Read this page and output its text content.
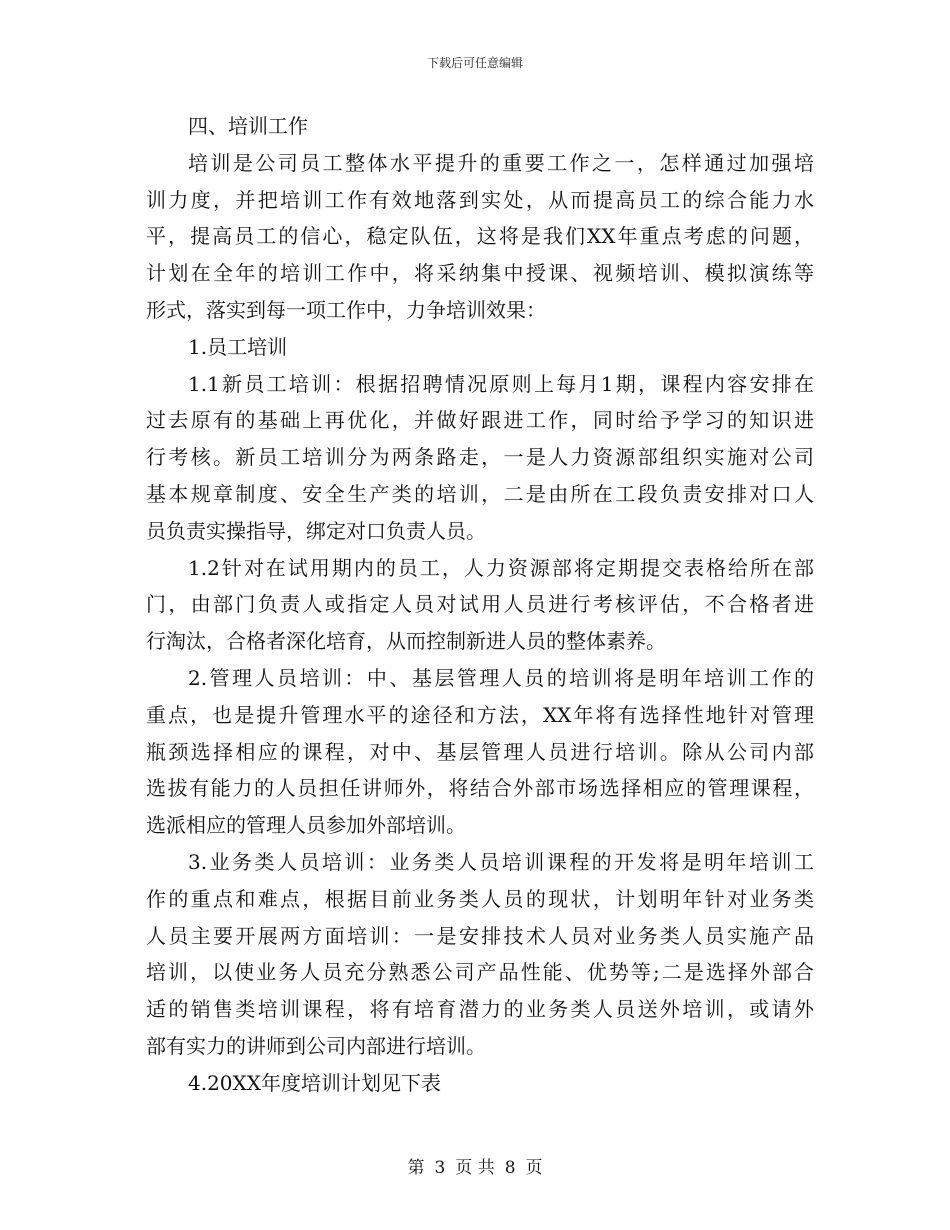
下载后可任意编辑
四、培训工作
培训是公司员工整体水平提升的重要工作之一，怎样通过加强培
训力度，并把培训工作有效地落到实处，从而提高员工的综合能力水
平，提高员工的信心，稳定队伍，这将是我们XX年重点考虑的问题，
计划在全年的培训工作中，将采纳集中授课、视频培训、模拟演练等
形式，落实到每一项工作中，力争培训效果：
1.员工培训
1.1新员工培训：根据招聘情况原则上每月1期，课程内容安排在
过去原有的基础上再优化，并做好跟进工作，同时给予学习的知识进
行考核。新员工培训分为两条路走，一是人力资源部组织实施对公司
基本规章制度、安全生产类的培训，二是由所在工段负责安排对口人
员负责实操指导，绑定对口负责人员。
1.2针对在试用期内的员工，人力资源部将定期提交表格给所在部
门，由部门负责人或指定人员对试用人员进行考核评估，不合格者进
行淘汰，合格者深化培育，从而控制新进人员的整体素养。
2.管理人员培训：中、基层管理人员的培训将是明年培训工作的
重点，也是提升管理水平的途径和方法，XX年将有选择性地针对管理
瓶颈选择相应的课程，对中、基层管理人员进行培训。除从公司内部
选拔有能力的人员担任讲师外，将结合外部市场选择相应的管理课程，
选派相应的管理人员参加外部培训。
3.业务类人员培训：业务类人员培训课程的开发将是明年培训工
作的重点和难点，根据目前业务类人员的现状，计划明年针对业务类
人员主要开展两方面培训：一是安排技术人员对业务类人员实施产品
培训，以使业务人员充分熟悉公司产品性能、优势等;二是选择外部合
适的销售类培训课程，将有培育潜力的业务类人员送外培训，或请外
部有实力的讲师到公司内部进行培训。
4.20XX年度培训计划见下表
第 3 页 共 8 页
